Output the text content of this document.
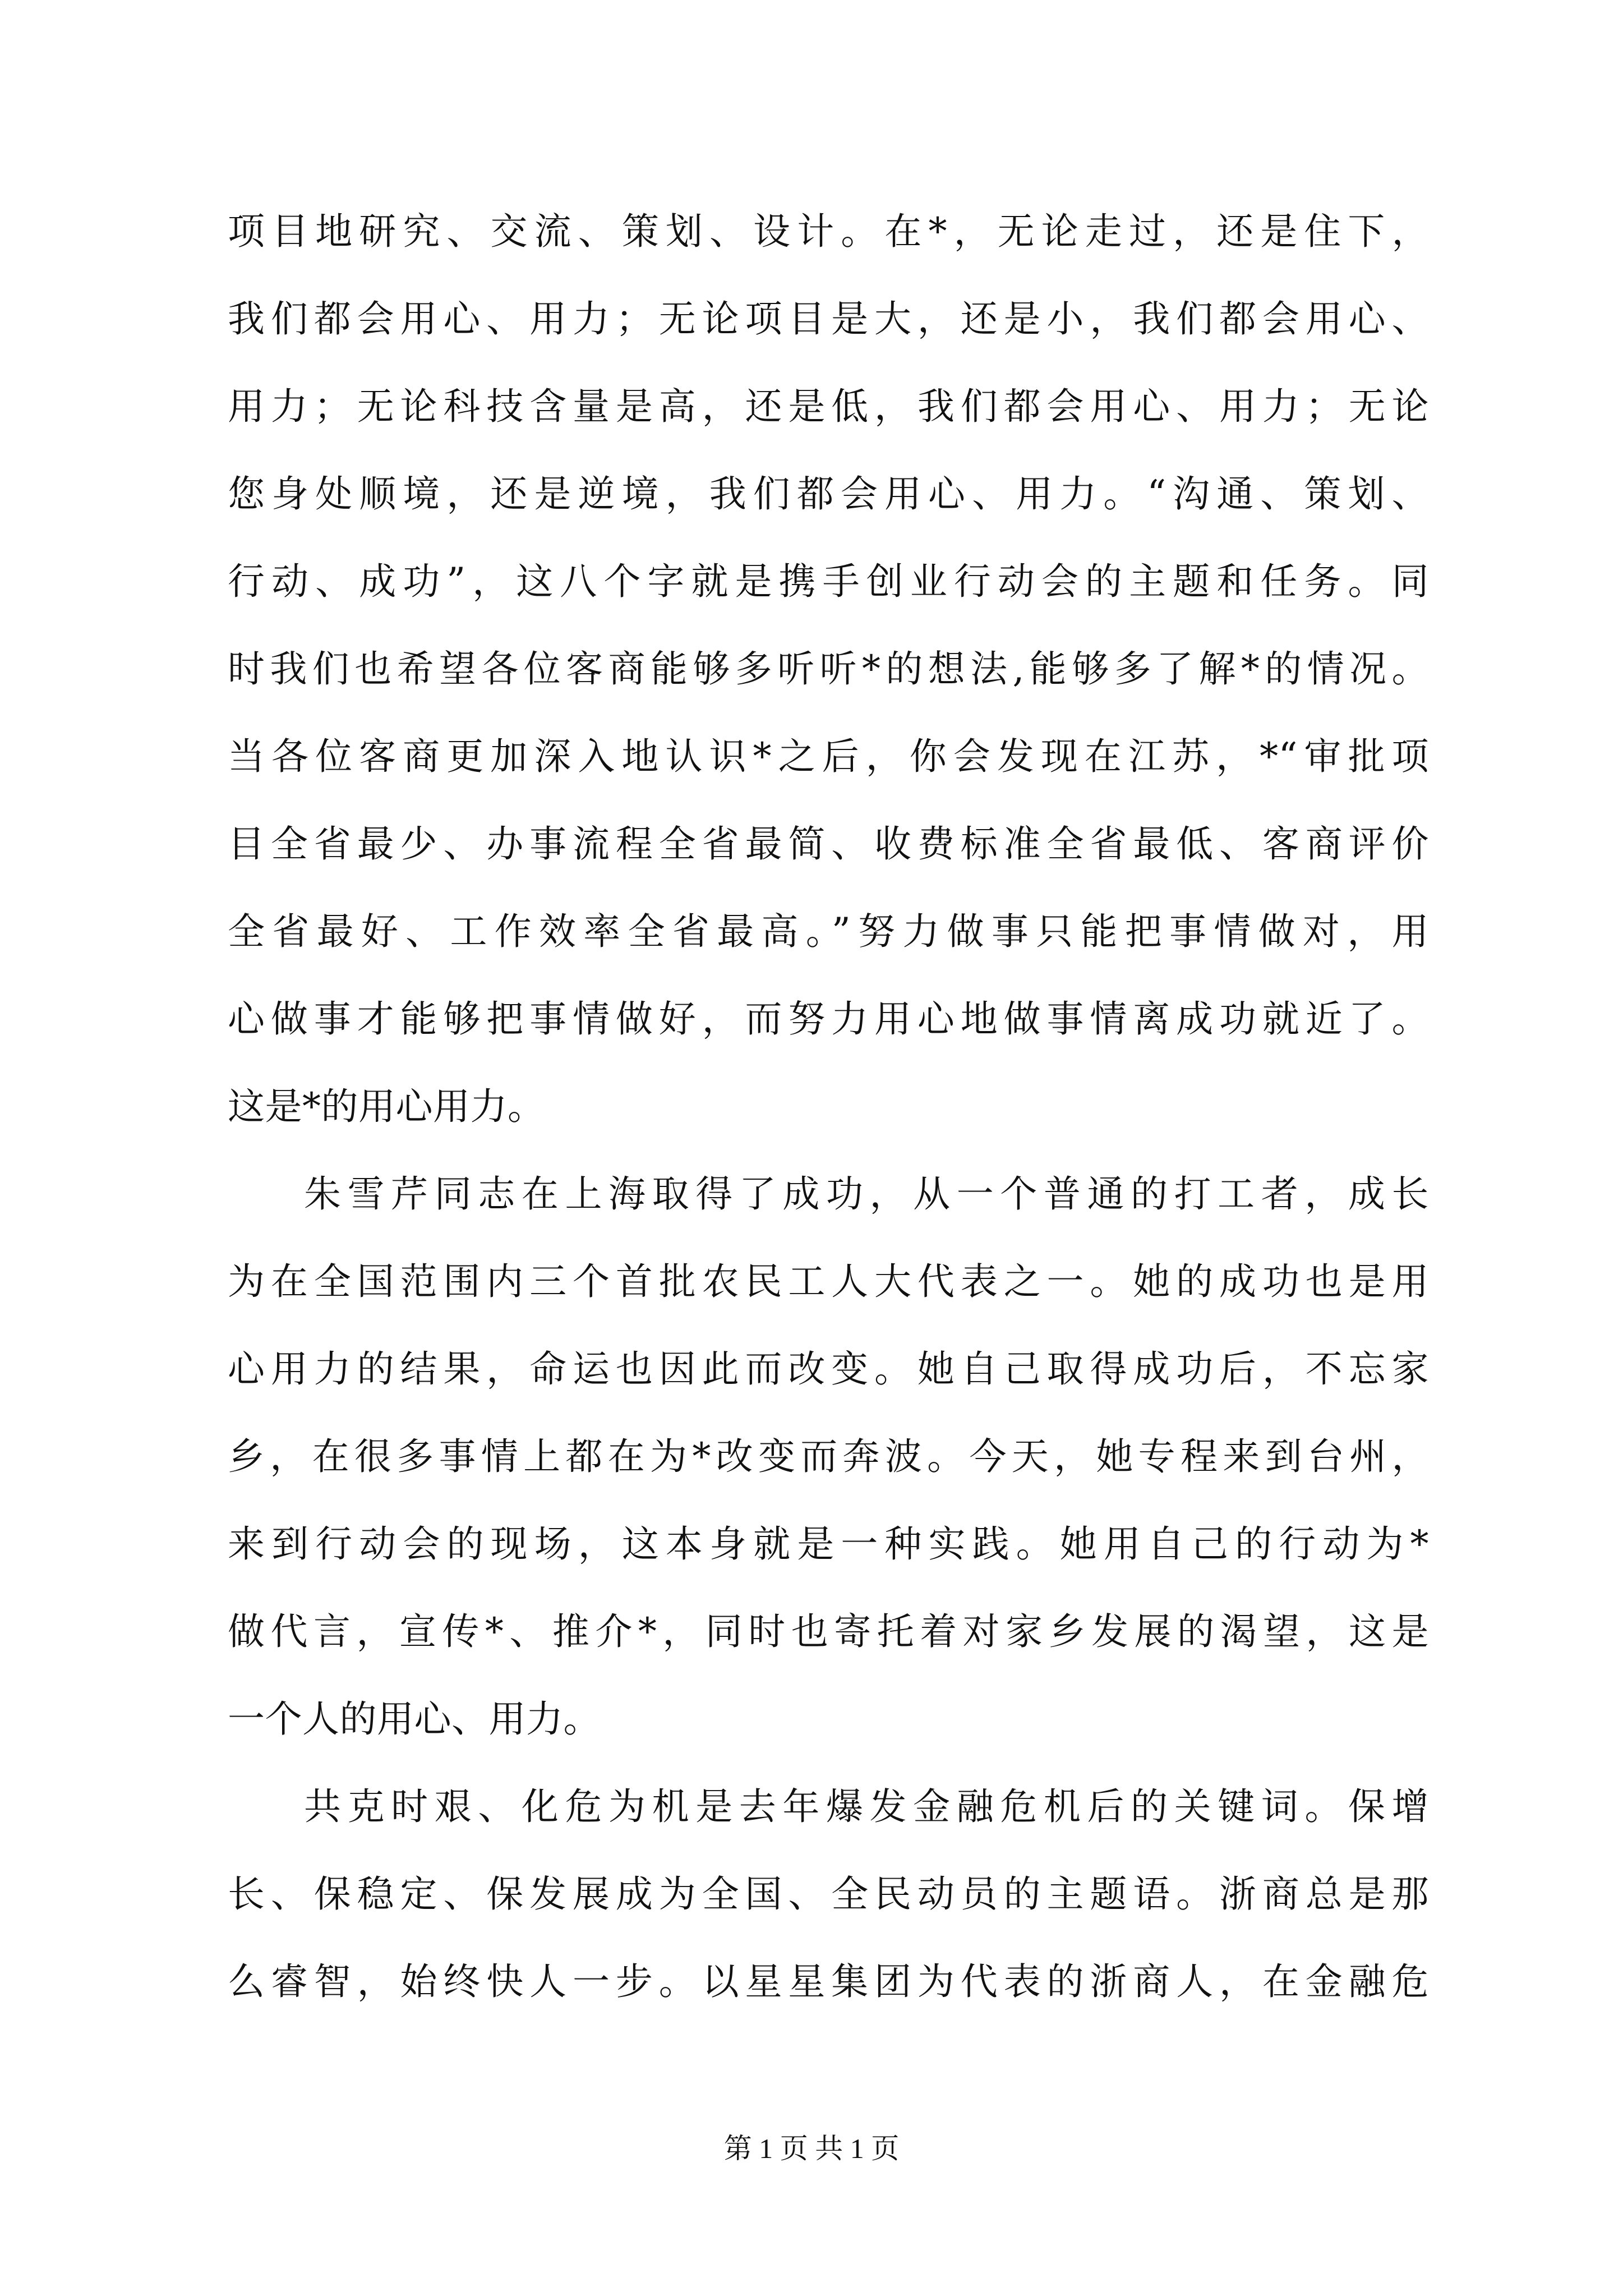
项目地研究、交流、策划、设计。在*，无论走过，还是住下，
我们都会用心、用力；无论项目是大，还是小，我们都会用心、
用力；无论科技含量是高，还是低，我们都会用心、用力；无论
您身处顺境，还是逆境，我们都会用心、用力。“沟通、策划、
行动、成功”，这八个字就是携手创业行动会的主题和任务。同
时我们也希望各位客商能够多听听*的想法,能够多了解*的情况。
当各位客商更加深入地认识*之后，你会发现在江苏，*“审批项
目全省最少、办事流程全省最简、收费标准全省最低、客商评价
全省最好、工作效率全省最高。”努力做事只能把事情做对，用
心做事才能够把事情做好，而努力用心地做事情离成功就近了。
这是*的用心用力。
朱雪芹同志在上海取得了成功，从一个普通的打工者，成长
为在全国范围内三个首批农民工人大代表之一。她的成功也是用
心用力的结果，命运也因此而改变。她自己取得成功后，不忘家
乡，在很多事情上都在为*改变而奔波。今天，她专程来到台州，
来到行动会的现场，这本身就是一种实践。她用自己的行动为*
做代言，宣传*、推介*，同时也寄托着对家乡发展的渴望，这是
一个人的用心、用力。
共克时艰、化危为机是去年爆发金融危机后的关键词。保增
长、保稳定、保发展成为全国、全民动员的主题语。浙商总是那
么睿智，始终快人一步。以星星集团为代表的浙商人，在金融危
第 1 页 共 1 页
